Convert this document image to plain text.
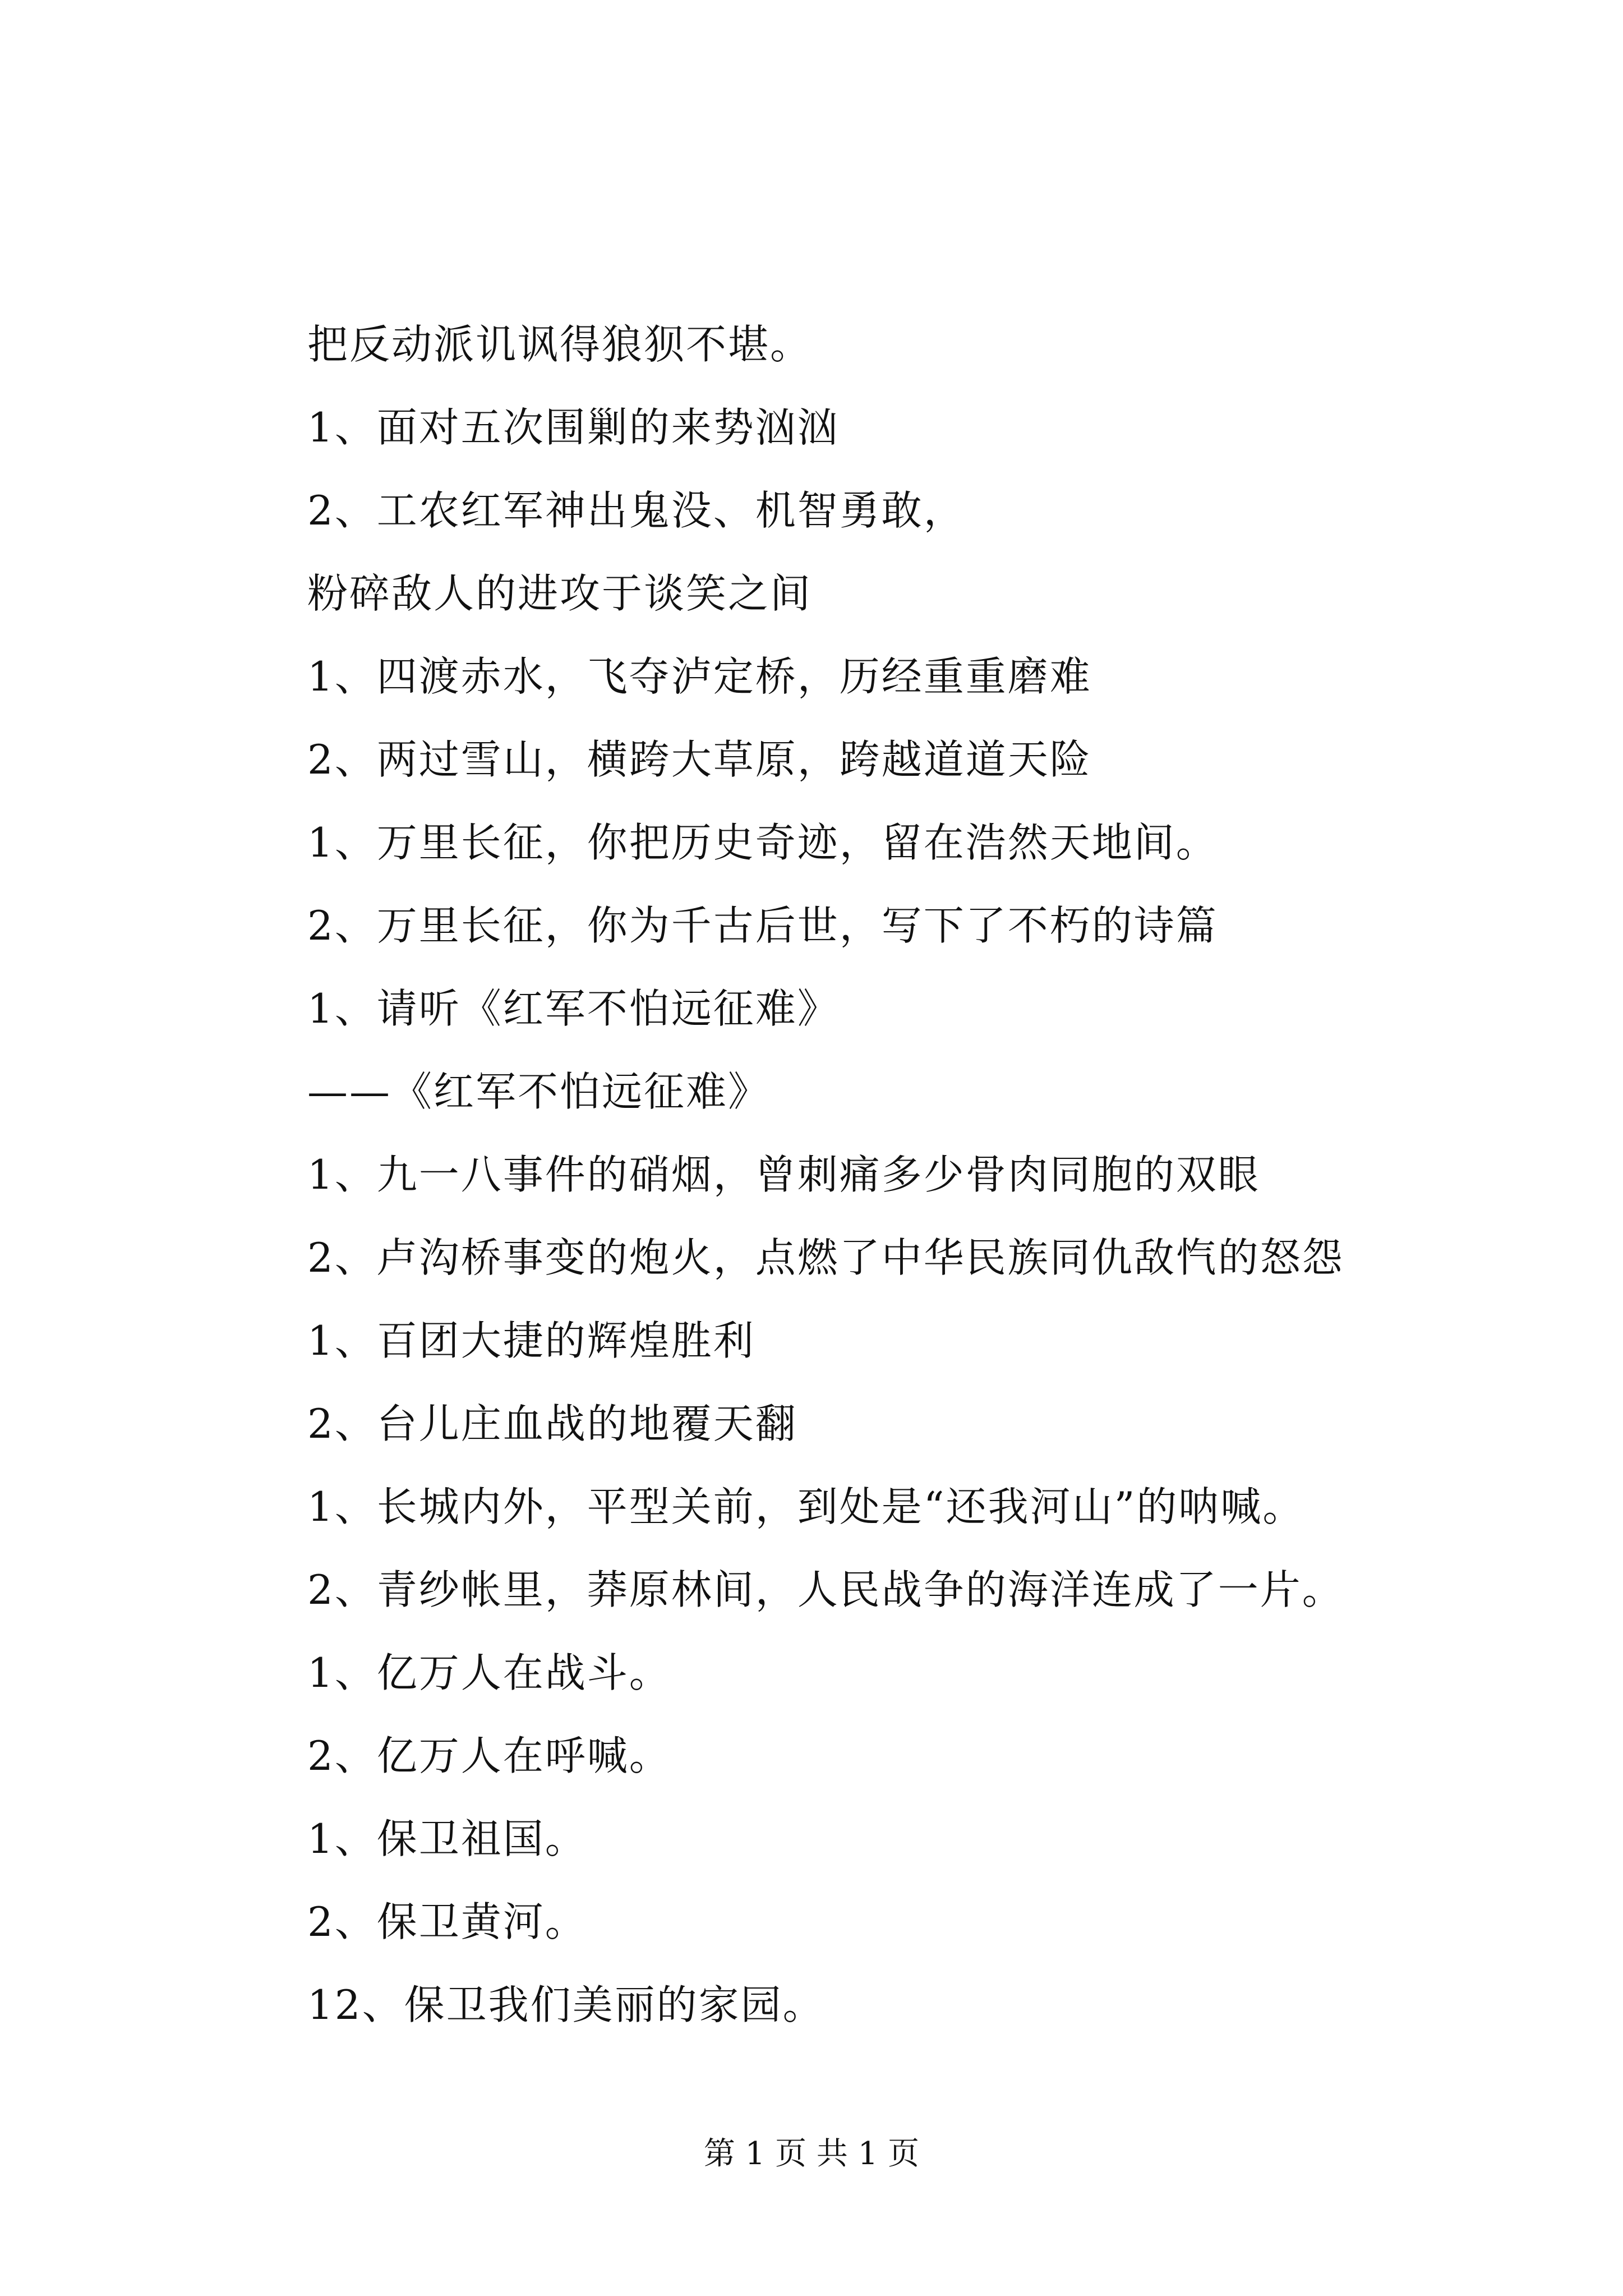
把反动派讥讽得狼狈不堪。
1、面对五次围剿的来势汹汹
2、工农红军神出鬼没、机智勇敢，
粉碎敌人的进攻于谈笑之间
1、四渡赤水，飞夺泸定桥，历经重重磨难
2、两过雪山，横跨大草原，跨越道道天险
1、万里长征，你把历史奇迹，留在浩然天地间。
2、万里长征，你为千古后世，写下了不朽的诗篇
1、请听《红军不怕远征难》
——《红军不怕远征难》
1、九一八事件的硝烟，曾刺痛多少骨肉同胞的双眼
2、卢沟桥事变的炮火，点燃了中华民族同仇敌忾的怒怨
1、百团大捷的辉煌胜利
2、台儿庄血战的地覆天翻
1、长城内外，平型关前，到处是“还我河山”的呐喊。
2、青纱帐里，莽原林间，人民战争的海洋连成了一片。
1、亿万人在战斗。
2、亿万人在呼喊。
1、保卫祖国。
2、保卫黄河。
12、保卫我们美丽的家园。
第 1 页 共 1 页
